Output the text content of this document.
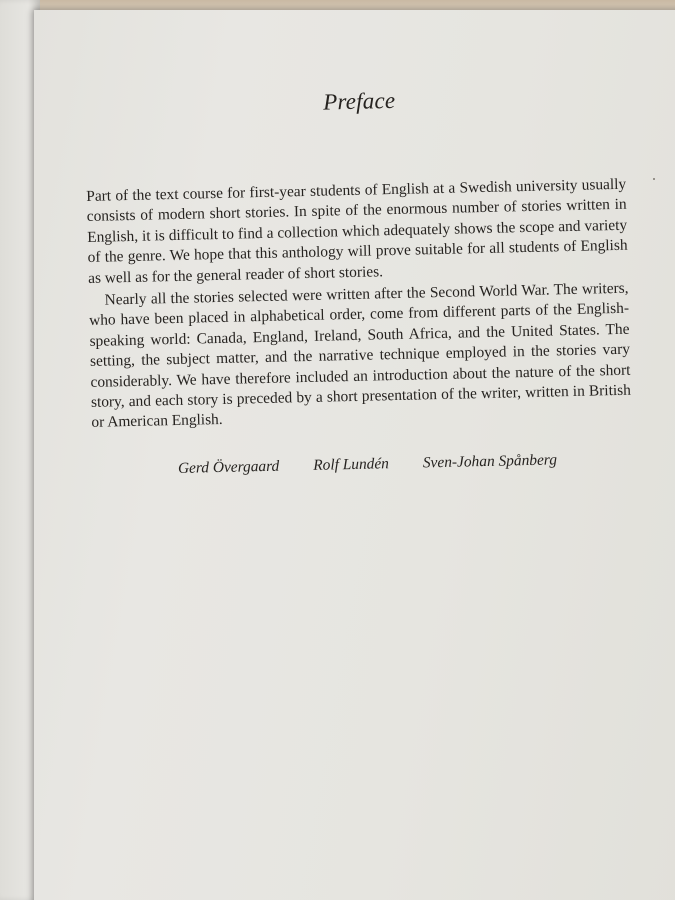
Preface

Part of the text course for first-year students of English at a Swedish university usually consists of modern short stories. In spite of the enormous number of stories written in English, it is difficult to find a collection which adequately shows the scope and variety of the genre. We hope that this anthology will prove suitable for all students of English as well as for the general reader of short stories.

Nearly all the stories selected were written after the Second World War. The writers, who have been placed in alphabetical order, come from different parts of the English-speaking world: Canada, England, Ireland, South Africa, and the United States. The setting, the subject matter, and the narrative technique employed in the stories vary considerably. We have therefore included an introduction about the nature of the short story, and each story is preceded by a short presentation of the writer, written in British or American English.

Gerd Övergaard Rolf Lundén Sven-Johan Spånberg
